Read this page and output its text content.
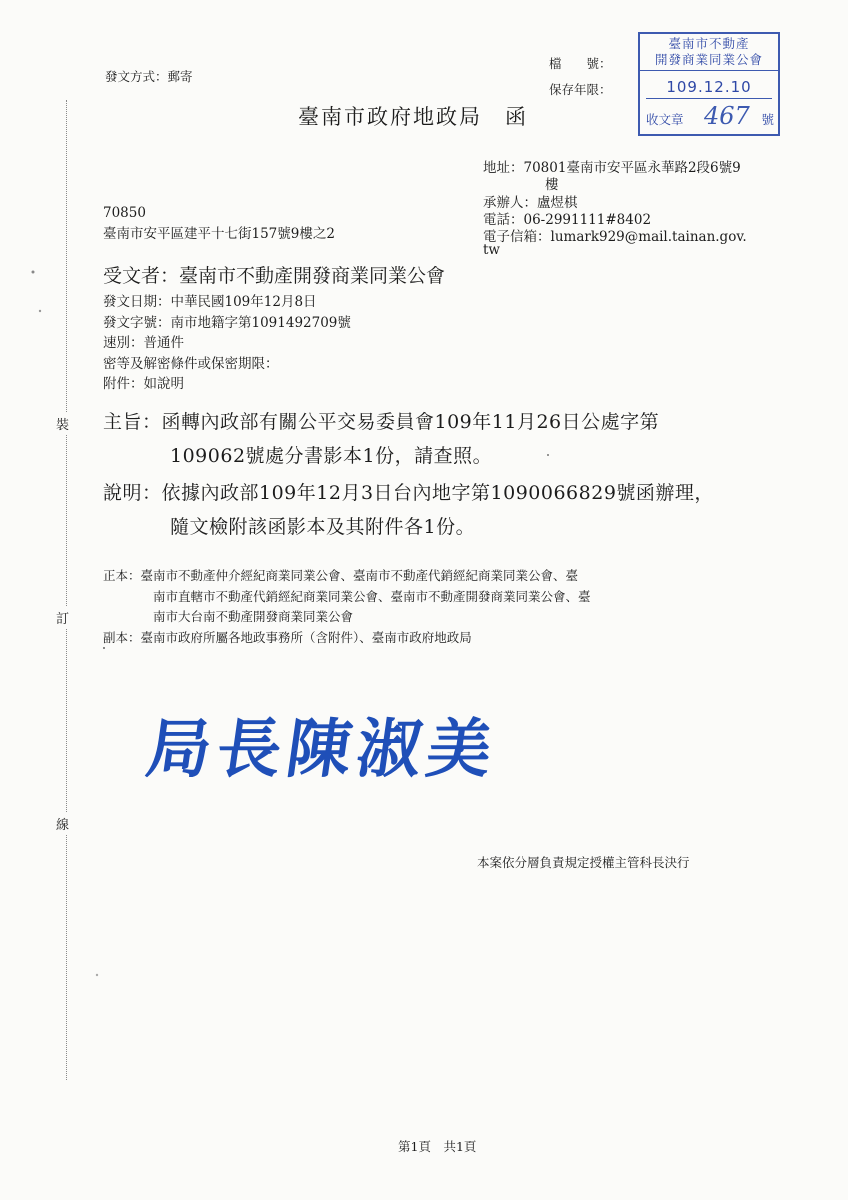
裝
訂
線
發文方式：郵寄
檔　　號：
保存年限：
臺南市政府地政局　函
臺南市不動產
開發商業同業公會
109.12.10
收文章 467 號
地址：70801臺南市安平區永華路2段6號9
樓
承辦人：盧煜棋
電話：06-2991111#8402
電子信箱：lumark929@mail.tainan.gov.
tw
70850
臺南市安平區建平十七街157號9樓之2
受文者：臺南市不動產開發商業同業公會
發文日期：中華民國109年12月8日
發文字號：南市地籍字第1091492709號
速別：普通件
密等及解密條件或保密期限：
附件：如說明
主旨：函轉內政部有關公平交易委員會109年11月26日公處字第
109062號處分書影本1份，請查照。
說明：依據內政部109年12月3日台內地字第1090066829號函辦理，
隨文檢附該函影本及其附件各1份。
正本：臺南市不動產仲介經紀商業同業公會、臺南市不動產代銷經紀商業同業公會、臺
南市直轄市不動產代銷經紀商業同業公會、臺南市不動產開發商業同業公會、臺
南市大台南不動產開發商業同業公會
副本：臺南市政府所屬各地政事務所（含附件）、臺南市政府地政局
局長陳淑美
本案依分層負責規定授權主管科長決行
第1頁　共1頁
